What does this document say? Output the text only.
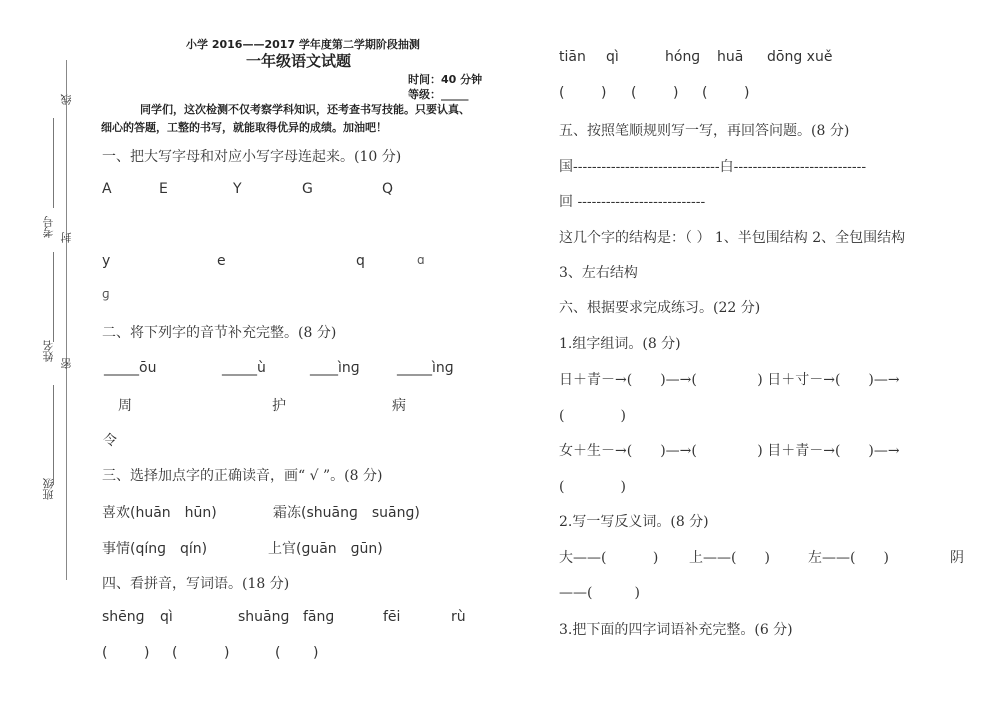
线
考号 封
姓名
密
班级
小学 2016——2017 学年度第二学期阶段抽测
一年级语文试题
时间：40 分钟
等级：_____
同学们，这次检测不仅考察学科知识，还考查书写技能。只要认真、
细心的答题，工整的书写，就能取得优异的成绩。加油吧！
一、把大写字母和对应小写字母连起来。(10 分)
A	E	Y	G	Q
y	e	q	ɑ
ɡ
二、将下列字的音节补充完整。(8 分)
_____ōu	_____ù	____ìnɡ	_____ìnɡ
周	护	病
令
三、选择加点字的正确读音，画“ √ ”。(8 分)
喜欢(huān　hūn)	霜冻(shuānɡ　suānɡ)
事情(qínɡ　qín)	上官(ɡuān　ɡūn)
四、看拼音，写词语。(18 分)
shēnɡ qì	shuānɡ fānɡ	fēi	rù
(	) (	)	( )
tiān qì	hónɡ huā dōng xuě
(	) (	) (	)
五、按照笔顺规则写一写，再回答问题。(8 分)
国-------------------------------白----------------------------
回 ---------------------------
这几个字的结构是：（ ） 1、半包围结构 2、全包围结构
3、左右结构
六、根据要求完成练习。(22 分)
1.组字组词。(8 分)
日＋青－→(　　)—→(　　　　 ) 日＋寸－→(　　)—→
(　　　　)
女＋生－→(　　)—→(　　　　 ) 目＋青－→(　　)—→
(　　　　)
2.写一写反义词。(8 分)
大——(　　　 ) 上——(　　)	左——(　　)	阴
——(　　　)
3.把下面的四字词语补充完整。(6 分)
